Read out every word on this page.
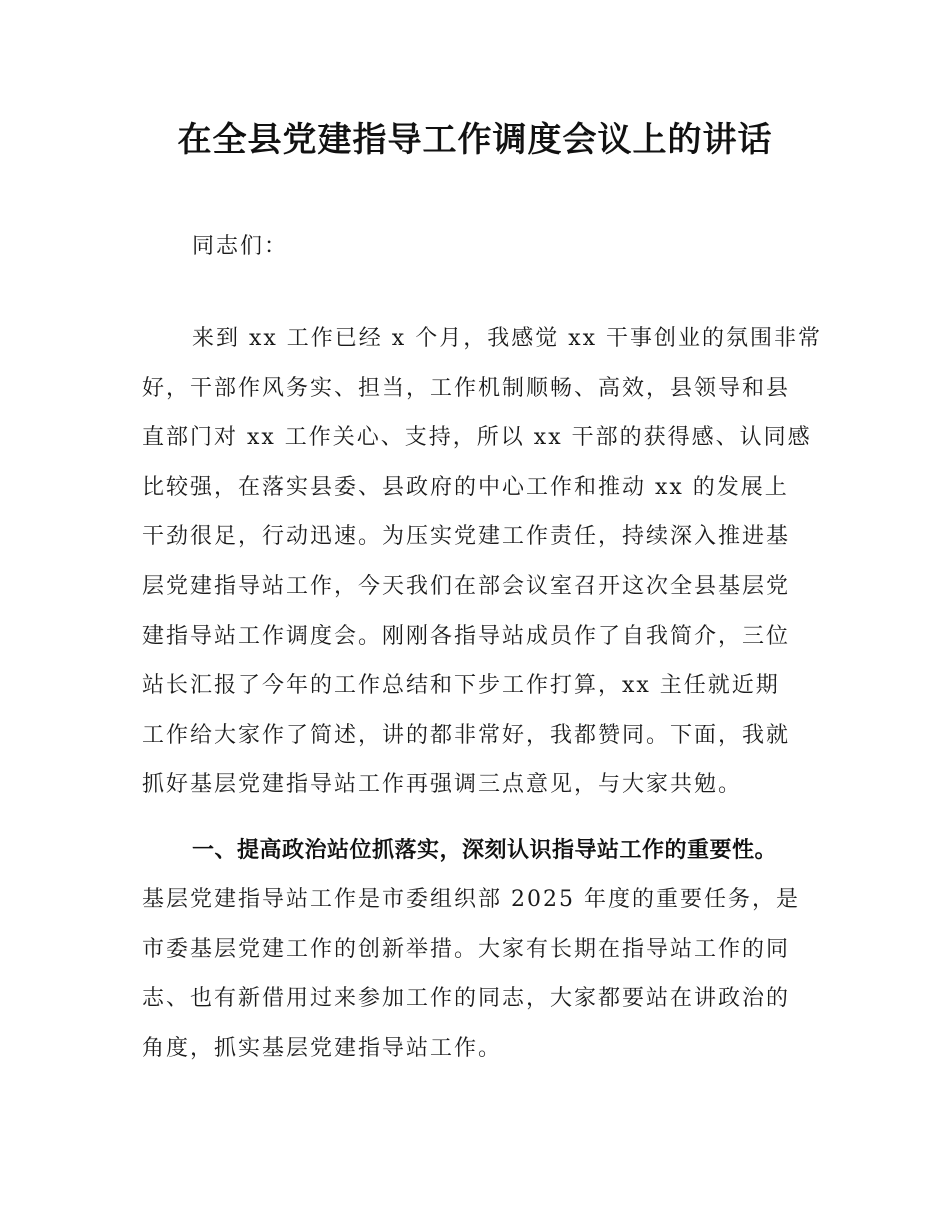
在全县党建指导工作调度会议上的讲话

同志们：

来到 xx 工作已经 x 个月，我感觉 xx 干事创业的氛围非常
好，干部作风务实、担当，工作机制顺畅、高效，县领导和县
直部门对 xx 工作关心、支持，所以 xx 干部的获得感、认同感
比较强，在落实县委、县政府的中心工作和推动 xx 的发展上
干劲很足，行动迅速。为压实党建工作责任，持续深入推进基
层党建指导站工作，今天我们在部会议室召开这次全县基层党
建指导站工作调度会。刚刚各指导站成员作了自我简介，三位
站长汇报了今年的工作总结和下步工作打算，xx 主任就近期
工作给大家作了简述，讲的都非常好，我都赞同。下面，我就
抓好基层党建指导站工作再强调三点意见，与大家共勉。
一、提高政治站位抓落实，深刻认识指导站工作的重要性。
基层党建指导站工作是市委组织部 2025 年度的重要任务，是
市委基层党建工作的创新举措。大家有长期在指导站工作的同
志、也有新借用过来参加工作的同志，大家都要站在讲政治的
角度，抓实基层党建指导站工作。
